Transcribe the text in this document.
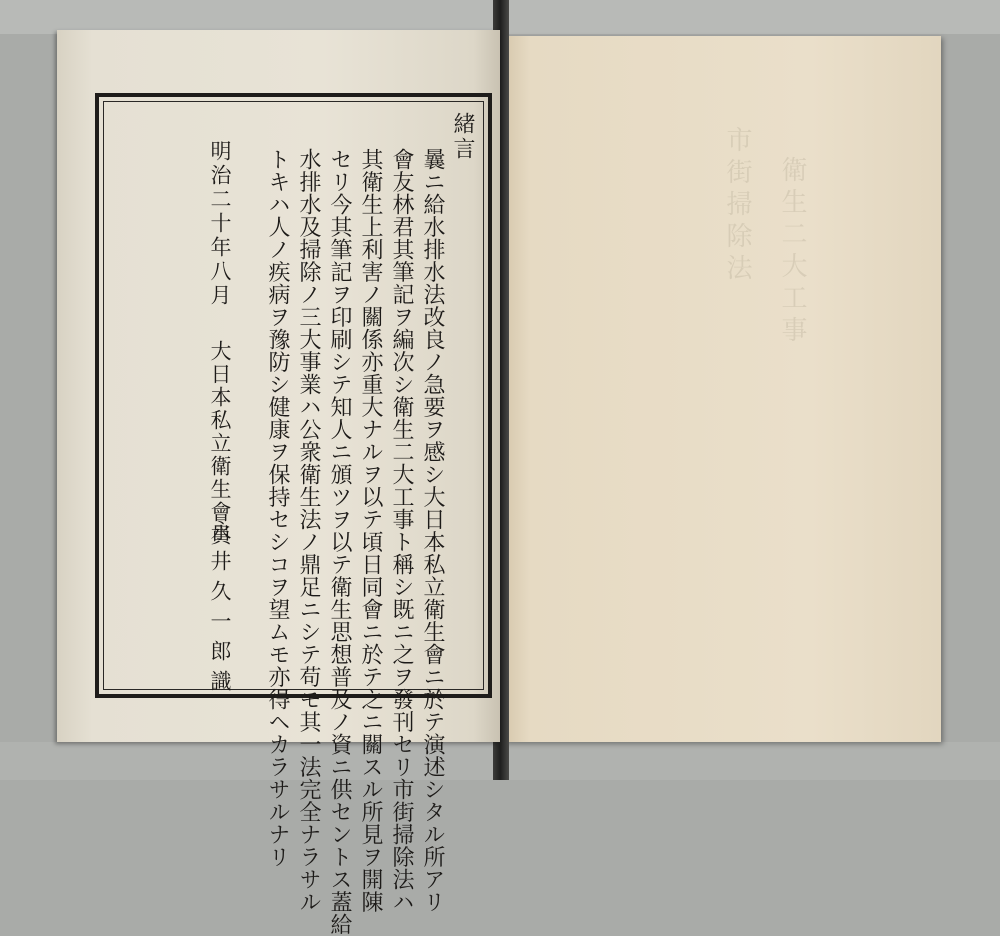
衛生二大工事
市街掃除法
緒言
曩ニ給水排水法改良ノ急要ヲ感シ大日本私立衛生會ニ於テ演述シタル所アリ
會友林君其筆記ヲ編次シ衛生二大工事ト稱シ既ニ之ヲ發刊セリ市街掃除法ハ
其衛生上利害ノ關係亦重大ナルヲ以テ頃日同會ニ於テ之ニ關スル所見ヲ開陳
セリ今其筆記ヲ印刷シテ知人ニ頒ツヲ以テ衛生思想普及ノ資ニ供セントス蓋給
水排水及掃除ノ三大事業ハ公衆衛生法ノ鼎足ニシテ苟モ其一法完全ナラサル
トキハ人ノ疾病ヲ豫防シ健康ヲ保持セシコヲ望ムモ亦得ヘカラサルナリ
明治二十年八月
大日本私立衛生會員
永井久一郎識
